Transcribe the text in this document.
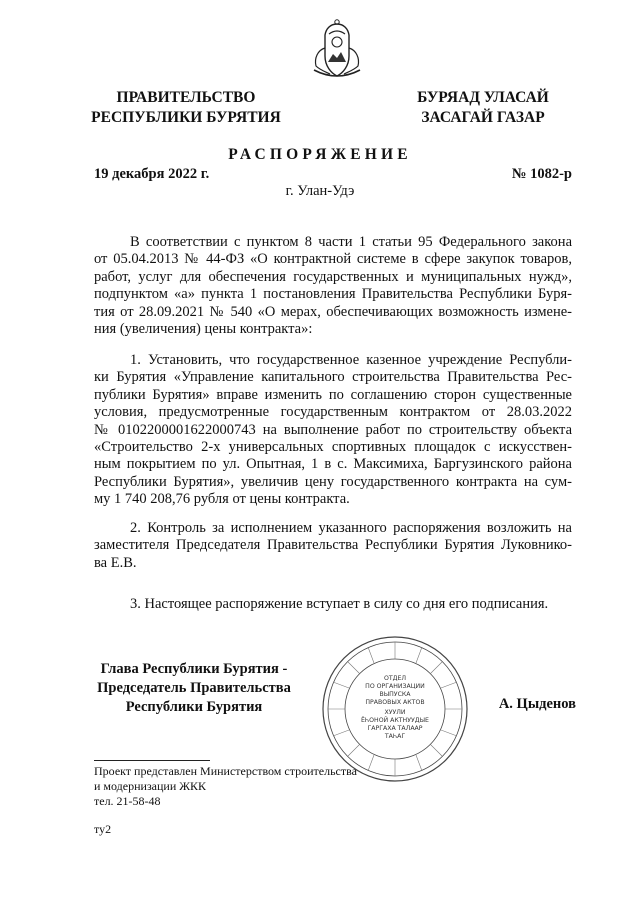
ПРАВИТЕЛЬСТВО
РЕСПУБЛИКИ БУРЯТИЯ
БУРЯАД УЛАСАЙ
ЗАСАГАЙ ГАЗАР
РАСПОРЯЖЕНИЕ
19 декабря 2022 г.	№ 1082-р
г. Улан-Удэ
В соответствии с пунктом 8 части 1 статьи 95 Федерального закона
от 05.04.2013 № 44-ФЗ «О контрактной системе в сфере закупок товаров,
работ, услуг для обеспечения государственных и муниципальных нужд»,
подпунктом «а» пункта 1 постановления Правительства Республики Буря-
тия от 28.09.2021 № 540 «О мерах, обеспечивающих возможность измене-
ния (увеличения) цены контракта»:
1. Установить, что государственное казенное учреждение Республи-
ки Бурятия «Управление капитального строительства Правительства Рес-
публики Бурятия» вправе изменить по соглашению сторон существенные
условия, предусмотренные государственным контрактом от 28.03.2022
№ 0102200001622000743 на выполнение работ по строительству объекта
«Строительство 2-х универсальных спортивных площадок с искусствен-
ным покрытием по ул. Опытная, 1 в с. Максимиха, Баргузинского района
Республики Бурятия», увеличив цену государственного контракта на сум-
му 1 740 208,76 рубля от цены контракта.
2. Контроль за исполнением указанного распоряжения возложить на
заместителя Председателя Правительства Республики Бурятия Луковнико-
ва Е.В.
3. Настоящее распоряжение вступает в силу со дня его подписания.
Глава Республики Бурятия -
Председатель Правительства
Республики Бурятия
ОТДЕЛ
ПО ОРГАНИЗАЦИИ
ВЫПУСКА
ПРАВОВЫХ АКТОВ
ХУУЛИ
ЁҺОНОЙ АКТНУУДЫЕ
ГАРГАХА ТАЛААР
ТАҺАГ
А. Цыденов
Проект представлен Министерством строительства
и модернизации ЖКК
тел. 21-58-48
ту2
